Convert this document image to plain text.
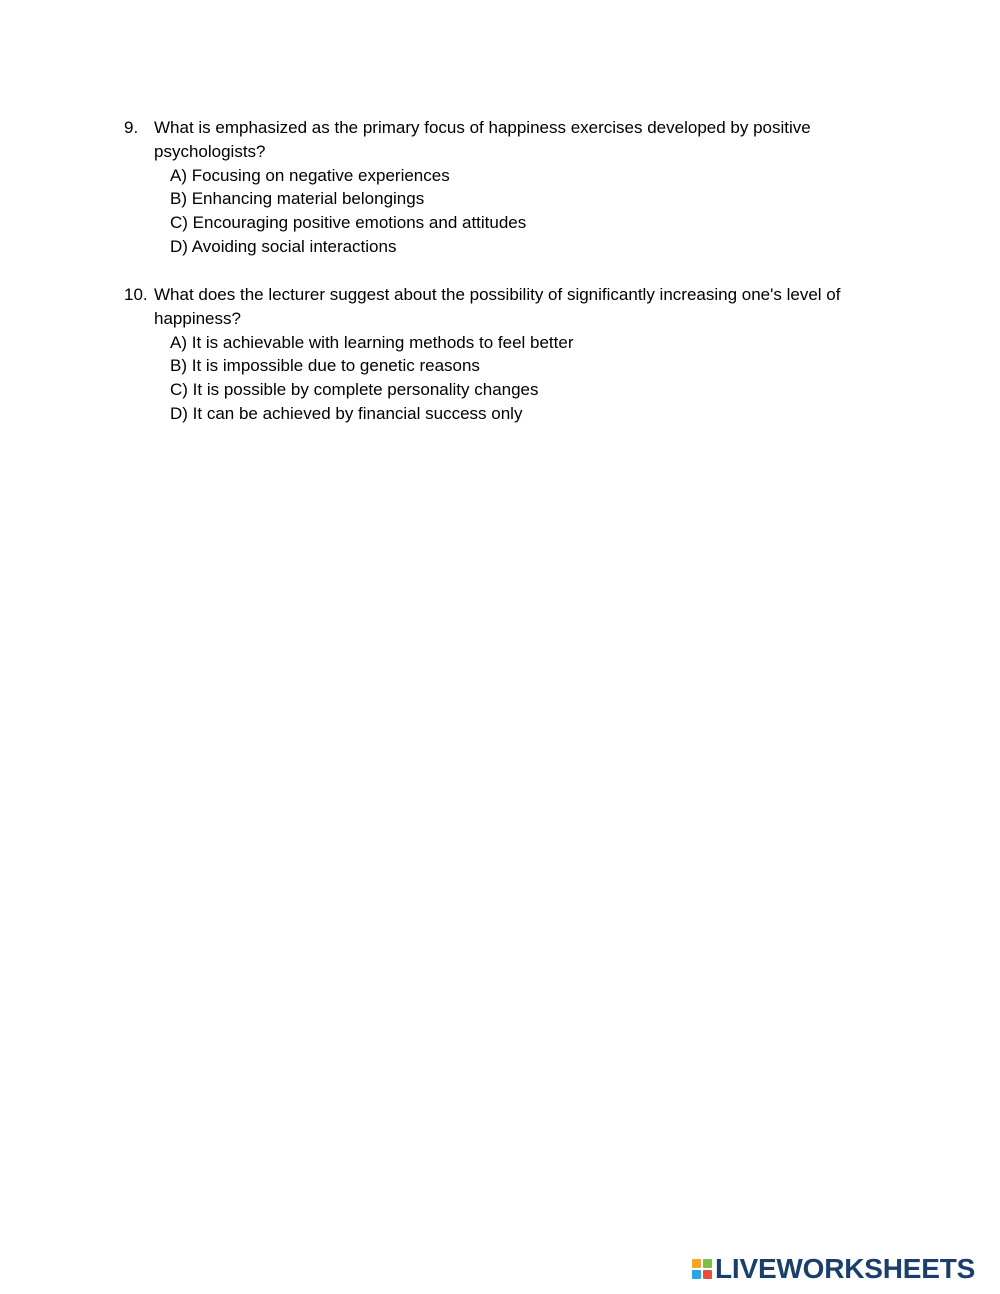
9. What is emphasized as the primary focus of happiness exercises developed by positive psychologists?
A) Focusing on negative experiences
B) Enhancing material belongings
C) Encouraging positive emotions and attitudes
D) Avoiding social interactions
10. What does the lecturer suggest about the possibility of significantly increasing one's level of happiness?
A) It is achievable with learning methods to feel better
B) It is impossible due to genetic reasons
C) It is possible by complete personality changes
D) It can be achieved by financial success only
LIVEWORKSHEETS
